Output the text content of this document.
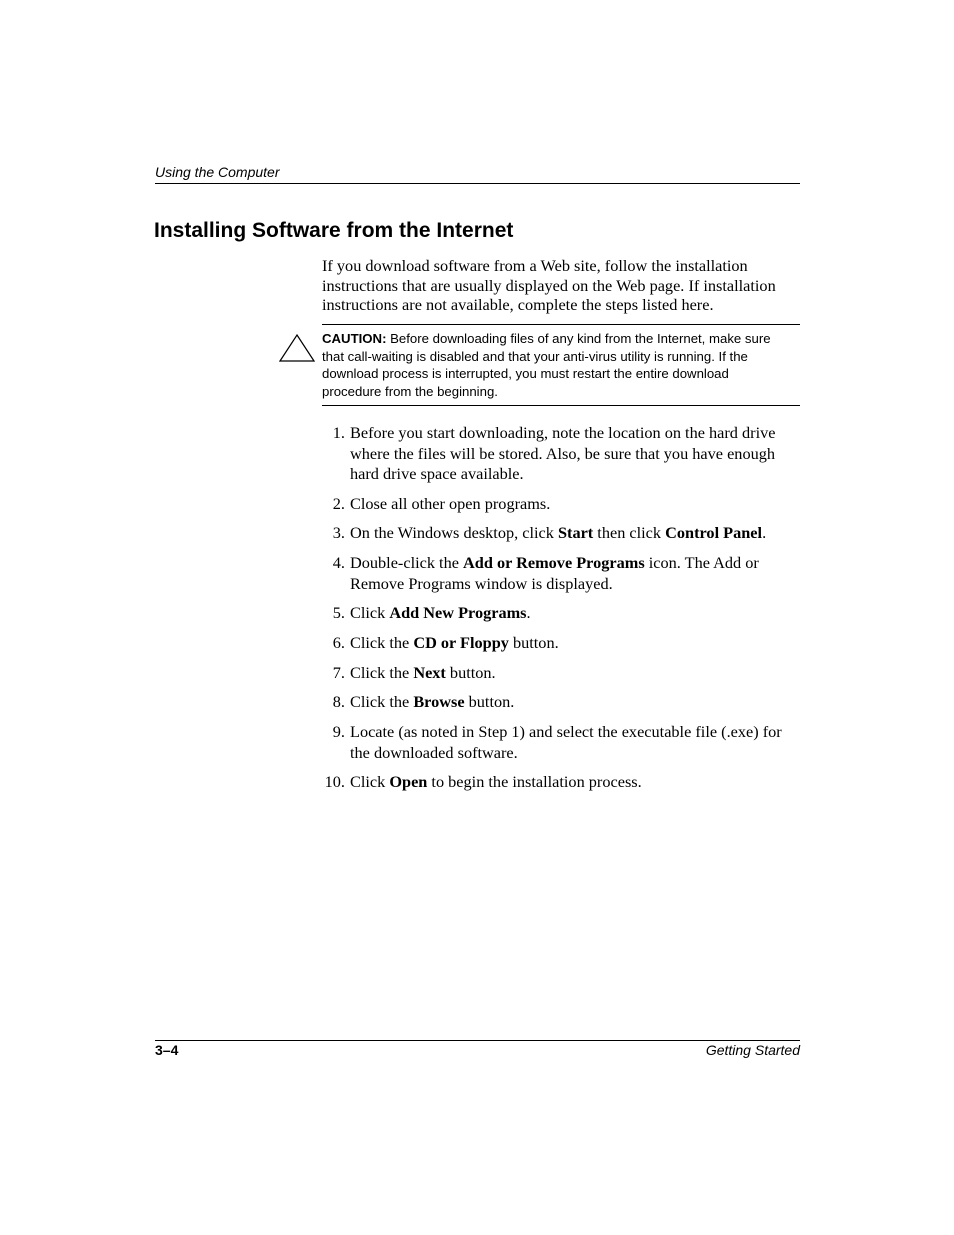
Using the Computer

Installing Software from the Internet

If you download software from a Web site, follow the installation instructions that are usually displayed on the Web page. If installation instructions are not available, complete the steps listed here.

CAUTION: Before downloading files of any kind from the Internet, make sure that call-waiting is disabled and that your anti-virus utility is running. If the download process is interrupted, you must restart the entire download procedure from the beginning.

1. Before you start downloading, note the location on the hard drive where the files will be stored. Also, be sure that you have enough hard drive space available.
2. Close all other open programs.
3. On the Windows desktop, click Start then click Control Panel.
4. Double-click the Add or Remove Programs icon. The Add or Remove Programs window is displayed.
5. Click Add New Programs.
6. Click the CD or Floppy button.
7. Click the Next button.
8. Click the Browse button.
9. Locate (as noted in Step 1) and select the executable file (.exe) for the downloaded software.
10. Click Open to begin the installation process.

3–4	Getting Started
